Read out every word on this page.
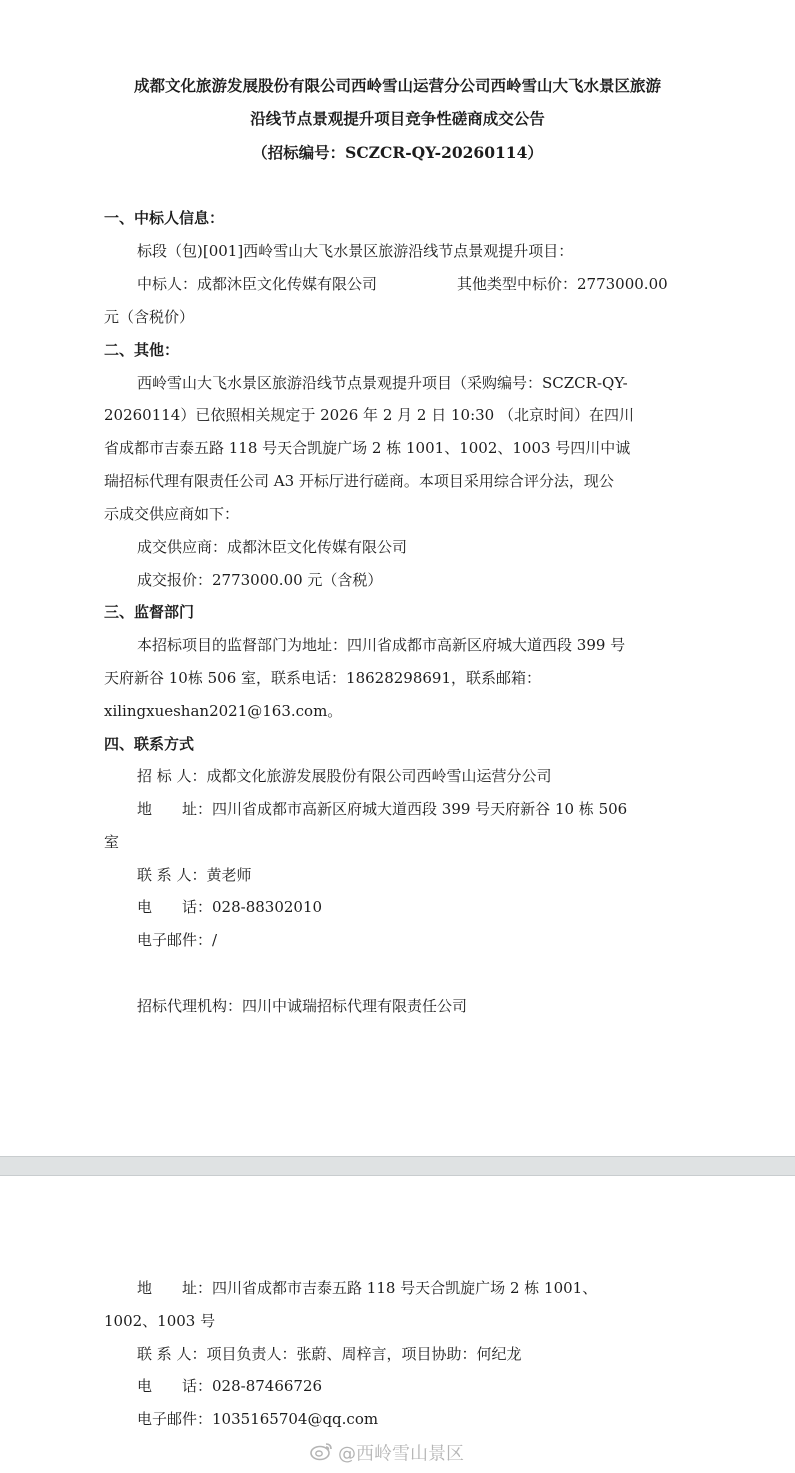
成都文化旅游发展股份有限公司西岭雪山运营分公司西岭雪山大飞水景区旅游
沿线节点景观提升项目竞争性磋商成交公告
（招标编号：SCZCR-QY-20260114）
一、中标人信息：
标段（包)[001]西岭雪山大飞水景区旅游沿线节点景观提升项目：
中标人：成都沐臣文化传媒有限公司	其他类型中标价：2773000.00
元（含税价）
二、其他：
西岭雪山大飞水景区旅游沿线节点景观提升项目（采购编号：SCZCR-QY-
20260114）已依照相关规定于 2026 年 2 月 2 日 10:30 （北京时间）在四川
省成都市吉泰五路 118 号天合凯旋广场 2 栋 1001、1002、1003 号四川中诚
瑞招标代理有限责任公司 A3 开标厅进行磋商。本项目采用综合评分法，现公
示成交供应商如下：
成交供应商：成都沐臣文化传媒有限公司
成交报价：2773000.00 元（含税）
三、监督部门
本招标项目的监督部门为地址：四川省成都市高新区府城大道西段 399 号
天府新谷 10栋 506 室，联系电话：18628298691，联系邮箱：
xilingxueshan2021@163.com。
四、联系方式
招 标 人：成都文化旅游发展股份有限公司西岭雪山运营分公司
地　　址：四川省成都市高新区府城大道西段 399 号天府新谷 10 栋 506
室
联 系 人：黄老师
电　　话：028-88302010
电子邮件：/
招标代理机构：四川中诚瑞招标代理有限责任公司
地　　址：四川省成都市吉泰五路 118 号天合凯旋广场 2 栋 1001、
1002、1003 号
联 系 人：项目负责人：张蔚、周梓言，项目协助：何纪龙
电　　话：028-87466726
电子邮件：1035165704@qq.com
@西岭雪山景区
